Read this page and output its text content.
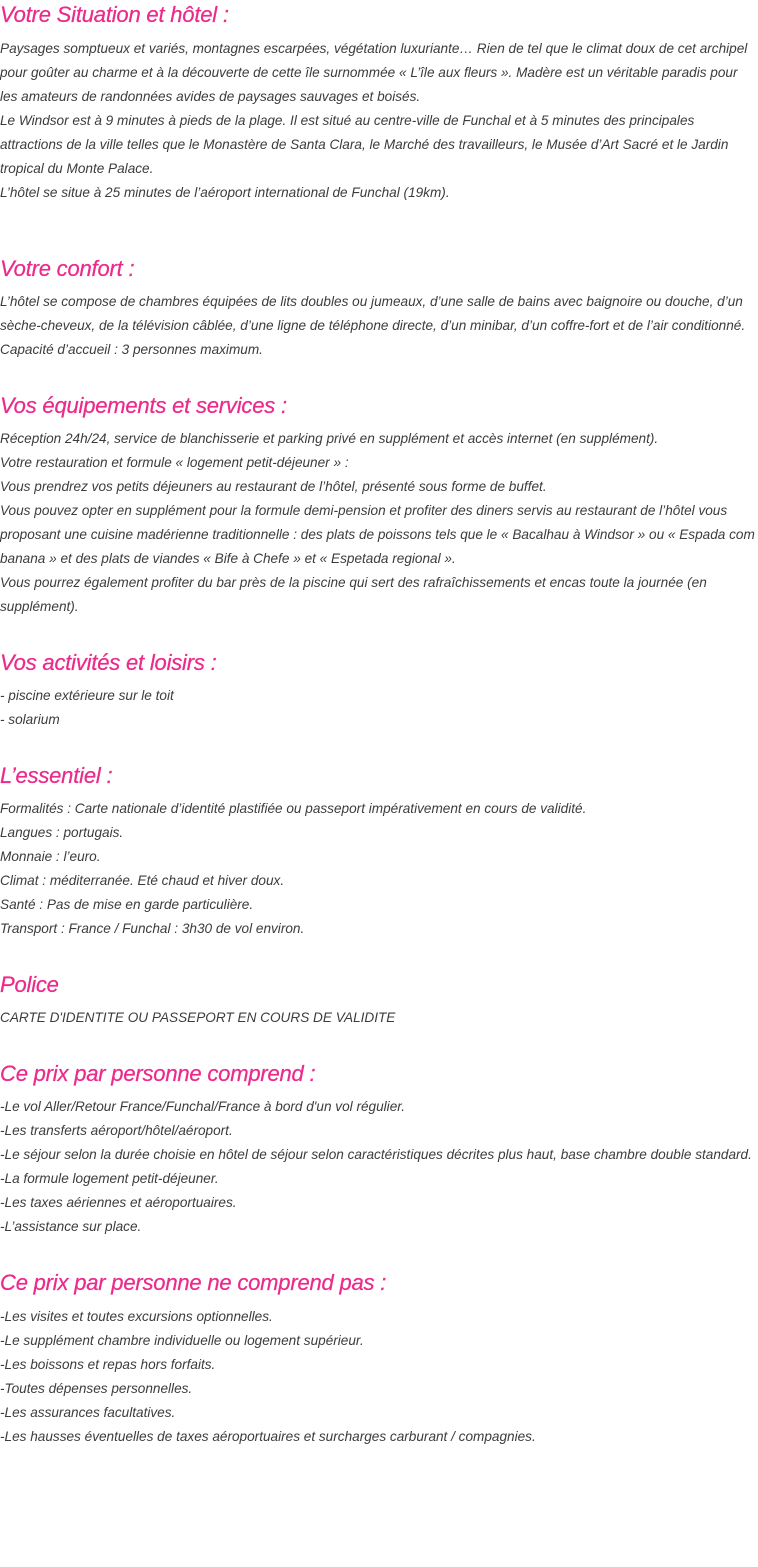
Votre Situation et hôtel :
Paysages somptueux et variés, montagnes escarpées, végétation luxuriante… Rien de tel que le climat doux de cet archipel pour goûter au charme et à la découverte de cette île surnommée « L’île aux fleurs ». Madère est un véritable paradis pour les amateurs de randonnées avides de paysages sauvages et boisés.
Le Windsor est à 9 minutes à pieds de la plage. Il est situé au centre-ville de Funchal et à 5 minutes des principales attractions de la ville telles que le Monastère de Santa Clara, le Marché des travailleurs, le Musée d’Art Sacré et le Jardin tropical du Monte Palace.
L’hôtel se situe à 25 minutes de l’aéroport international de Funchal (19km).
Votre confort :
L’hôtel se compose de chambres équipées de lits doubles ou jumeaux, d’une salle de bains avec baignoire ou douche, d’un sèche-cheveux, de la télévision câblée, d’une ligne de téléphone directe, d’un minibar, d’un coffre-fort et de l’air conditionné.
Capacité d’accueil : 3 personnes maximum.
Vos équipements et services :
Réception 24h/24, service de blanchisserie et parking privé en supplément et accès internet (en supplément).
Votre restauration et formule « logement petit-déjeuner » :
Vous prendrez vos petits déjeuners au restaurant de l’hôtel, présenté sous forme de buffet.
Vous pouvez opter en supplément pour la formule demi-pension et profiter des diners servis au restaurant de l’hôtel vous proposant une cuisine madérienne traditionnelle : des plats de poissons tels que le « Bacalhau à Windsor » ou « Espada com banana » et des plats de viandes « Bife à Chefe » et « Espetada regional ».
Vous pourrez également profiter du bar près de la piscine qui sert des rafraîchissements et encas toute la journée (en supplément).
Vos activités et loisirs :
- piscine extérieure sur le toit
- solarium
L’essentiel :
Formalités : Carte nationale d’identité plastifiée ou passeport impérativement en cours de validité.
Langues : portugais.
Monnaie : l’euro.
Climat : méditerranée. Eté chaud et hiver doux.
Santé : Pas de mise en garde particulière.
Transport : France / Funchal : 3h30 de vol environ.
Police
CARTE D'IDENTITE OU PASSEPORT EN COURS DE VALIDITE
Ce prix par personne comprend :
-Le vol Aller/Retour France/Funchal/France à bord d'un vol régulier.
-Les transferts aéroport/hôtel/aéroport.
-Le séjour selon la durée choisie en hôtel de séjour selon caractéristiques décrites plus haut, base chambre double standard.
-La formule logement petit-déjeuner.
-Les taxes aériennes et aéroportuaires.
-L’assistance sur place.
Ce prix par personne ne comprend pas :
-Les visites et toutes excursions optionnelles.
-Le supplément chambre individuelle ou logement supérieur.
-Les boissons et repas hors forfaits.
-Toutes dépenses personnelles.
-Les assurances facultatives.
-Les hausses éventuelles de taxes aéroportuaires et surcharges carburant / compagnies.
